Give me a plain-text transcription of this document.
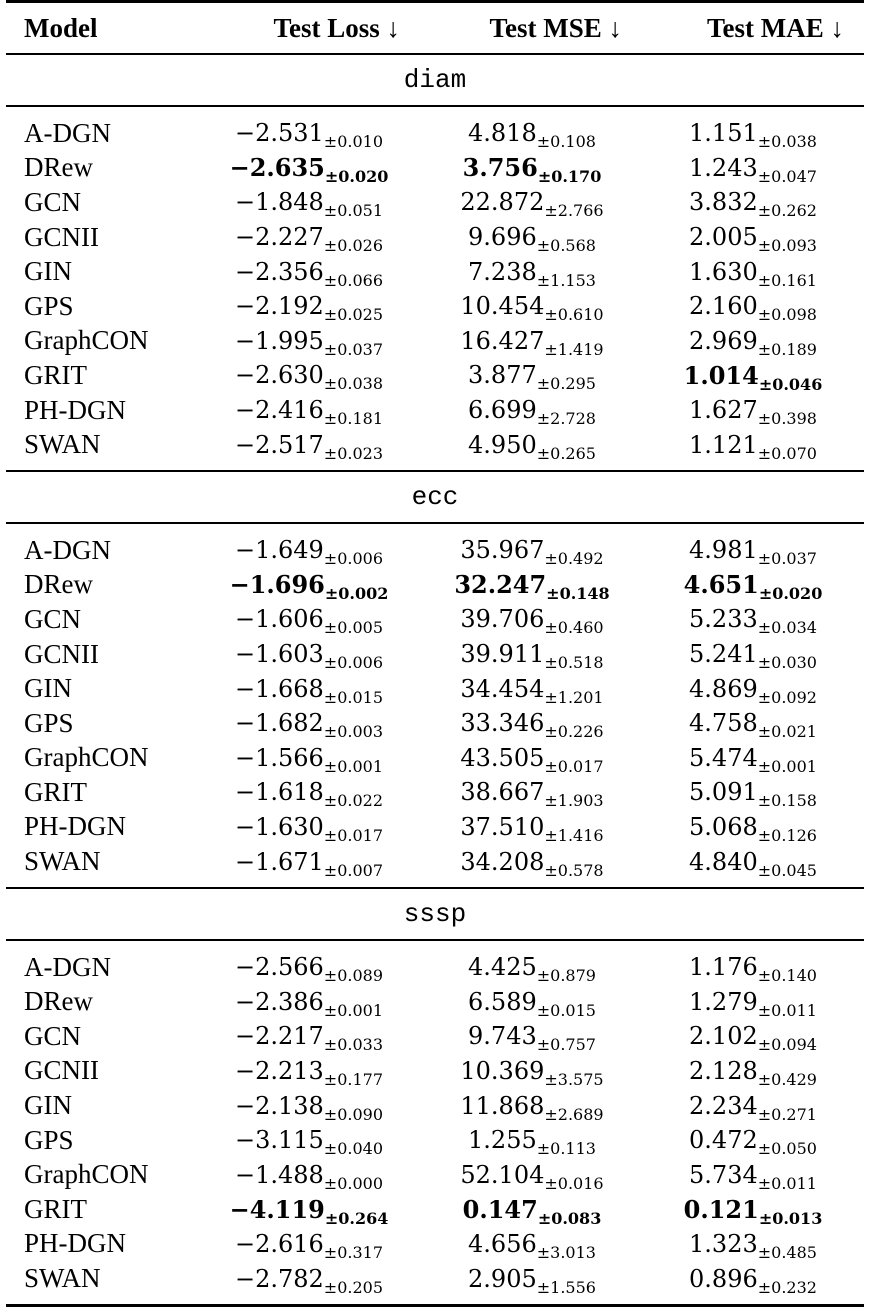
Model	Test Loss ↓	Test MSE ↓	Test MAE ↓
diam
A-DGN	$-2.531_{\pm 0.010}$	$4.818_{\pm 0.108}$	$1.151_{\pm 0.038}$
DRew	$-2.635_{\pm 0.020}$	$3.756_{\pm 0.170}$	$1.243_{\pm 0.047}$
GCN	$-1.848_{\pm 0.051}$	$22.872_{\pm 2.766}$	$3.832_{\pm 0.262}$
GCNII	$-2.227_{\pm 0.026}$	$9.696_{\pm 0.568}$	$2.005_{\pm 0.093}$
GIN	$-2.356_{\pm 0.066}$	$7.238_{\pm 1.153}$	$1.630_{\pm 0.161}$
GPS	$-2.192_{\pm 0.025}$	$10.454_{\pm 0.610}$	$2.160_{\pm 0.098}$
GraphCON	$-1.995_{\pm 0.037}$	$16.427_{\pm 1.419}$	$2.969_{\pm 0.189}$
GRIT	$-2.630_{\pm 0.038}$	$3.877_{\pm 0.295}$	$1.014_{\pm 0.046}$
PH-DGN	$-2.416_{\pm 0.181}$	$6.699_{\pm 2.728}$	$1.627_{\pm 0.398}$
SWAN	$-2.517_{\pm 0.023}$	$4.950_{\pm 0.265}$	$1.121_{\pm 0.070}$
ecc
A-DGN	$-1.649_{\pm 0.006}$	$35.967_{\pm 0.492}$	$4.981_{\pm 0.037}$
DRew	$-1.696_{\pm 0.002}$	$32.247_{\pm 0.148}$	$4.651_{\pm 0.020}$
GCN	$-1.606_{\pm 0.005}$	$39.706_{\pm 0.460}$	$5.233_{\pm 0.034}$
GCNII	$-1.603_{\pm 0.006}$	$39.911_{\pm 0.518}$	$5.241_{\pm 0.030}$
GIN	$-1.668_{\pm 0.015}$	$34.454_{\pm 1.201}$	$4.869_{\pm 0.092}$
GPS	$-1.682_{\pm 0.003}$	$33.346_{\pm 0.226}$	$4.758_{\pm 0.021}$
GraphCON	$-1.566_{\pm 0.001}$	$43.505_{\pm 0.017}$	$5.474_{\pm 0.001}$
GRIT	$-1.618_{\pm 0.022}$	$38.667_{\pm 1.903}$	$5.091_{\pm 0.158}$
PH-DGN	$-1.630_{\pm 0.017}$	$37.510_{\pm 1.416}$	$5.068_{\pm 0.126}$
SWAN	$-1.671_{\pm 0.007}$	$34.208_{\pm 0.578}$	$4.840_{\pm 0.045}$
sssp
A-DGN	$-2.566_{\pm 0.089}$	$4.425_{\pm 0.879}$	$1.176_{\pm 0.140}$
DRew	$-2.386_{\pm 0.001}$	$6.589_{\pm 0.015}$	$1.279_{\pm 0.011}$
GCN	$-2.217_{\pm 0.033}$	$9.743_{\pm 0.757}$	$2.102_{\pm 0.094}$
GCNII	$-2.213_{\pm 0.177}$	$10.369_{\pm 3.575}$	$2.128_{\pm 0.429}$
GIN	$-2.138_{\pm 0.090}$	$11.868_{\pm 2.689}$	$2.234_{\pm 0.271}$
GPS	$-3.115_{\pm 0.040}$	$1.255_{\pm 0.113}$	$0.472_{\pm 0.050}$
GraphCON	$-1.488_{\pm 0.000}$	$52.104_{\pm 0.016}$	$5.734_{\pm 0.011}$
GRIT	$-4.119_{\pm 0.264}$	$0.147_{\pm 0.083}$	$0.121_{\pm 0.013}$
PH-DGN	$-2.616_{\pm 0.317}$	$4.656_{\pm 3.013}$	$1.323_{\pm 0.485}$
SWAN	$-2.782_{\pm 0.205}$	$2.905_{\pm 1.556}$	$0.896_{\pm 0.232}$
